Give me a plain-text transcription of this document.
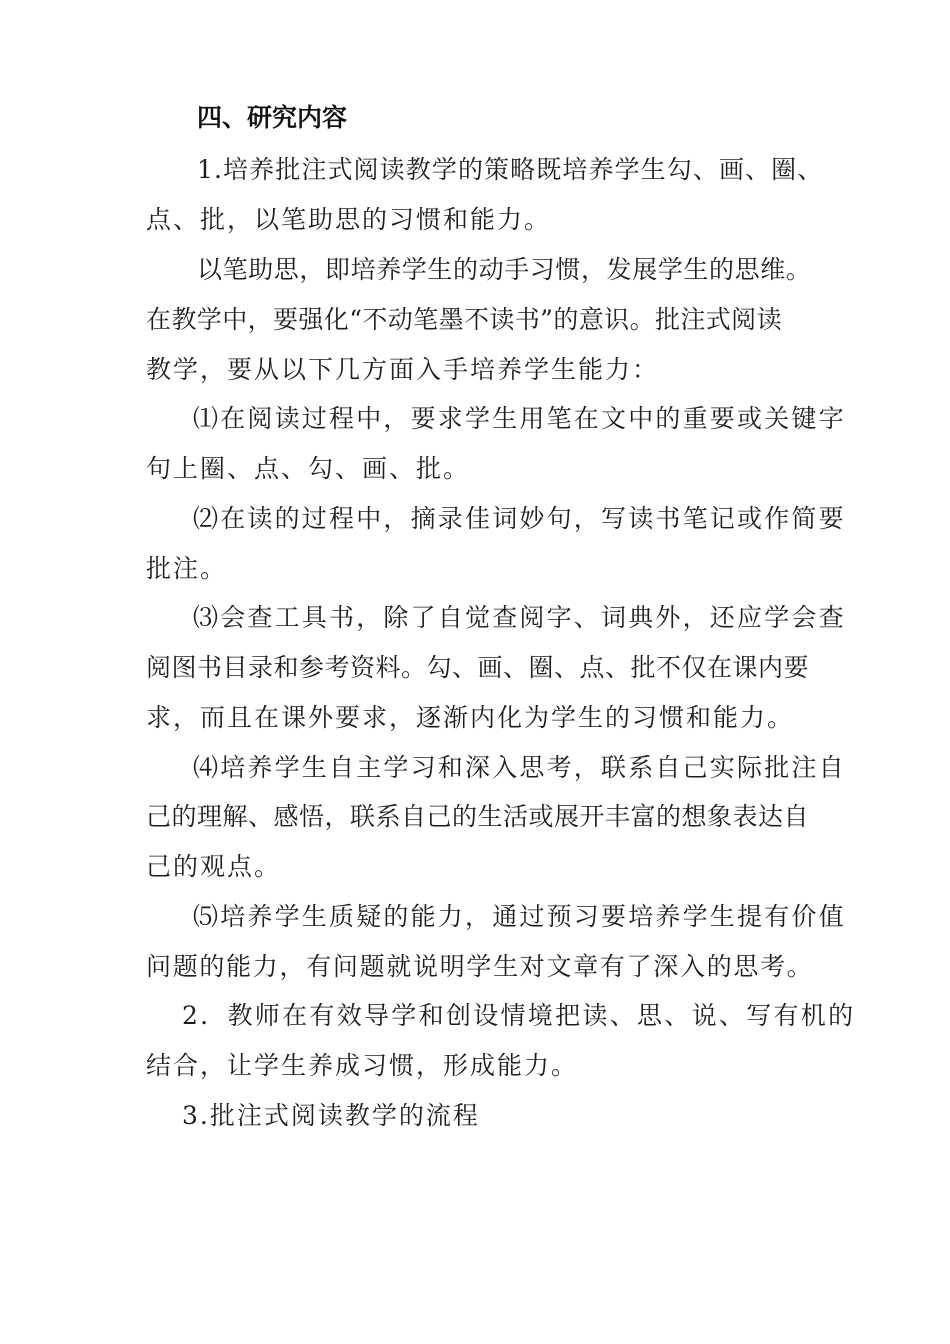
四、研究内容

1.培养批注式阅读教学的策略既培养学生勾、画、圈、

点、批，以笔助思的习惯和能力。

以笔助思，即培养学生的动手习惯，发展学生的思维。

在教学中，要强化“不动笔墨不读书”的意识。批注式阅读

教学，要从以下几方面入手培养学生能力：

⑴在阅读过程中，要求学生用笔在文中的重要或关键字

句上圈、点、勾、画、批。

⑵在读的过程中，摘录佳词妙句，写读书笔记或作简要

批注。

⑶会查工具书，除了自觉查阅字、词典外，还应学会查

阅图书目录和参考资料。勾、画、圈、点、批不仅在课内要

求，而且在课外要求，逐渐内化为学生的习惯和能力。

⑷培养学生自主学习和深入思考，联系自己实际批注自

己的理解、感悟，联系自己的生活或展开丰富的想象表达自

己的观点。

⑸培养学生质疑的能力，通过预习要培养学生提有价值

问题的能力，有问题就说明学生对文章有了深入的思考。

2．教师在有效导学和创设情境把读、思、说、写有机的

结合，让学生养成习惯，形成能力。

3.批注式阅读教学的流程
